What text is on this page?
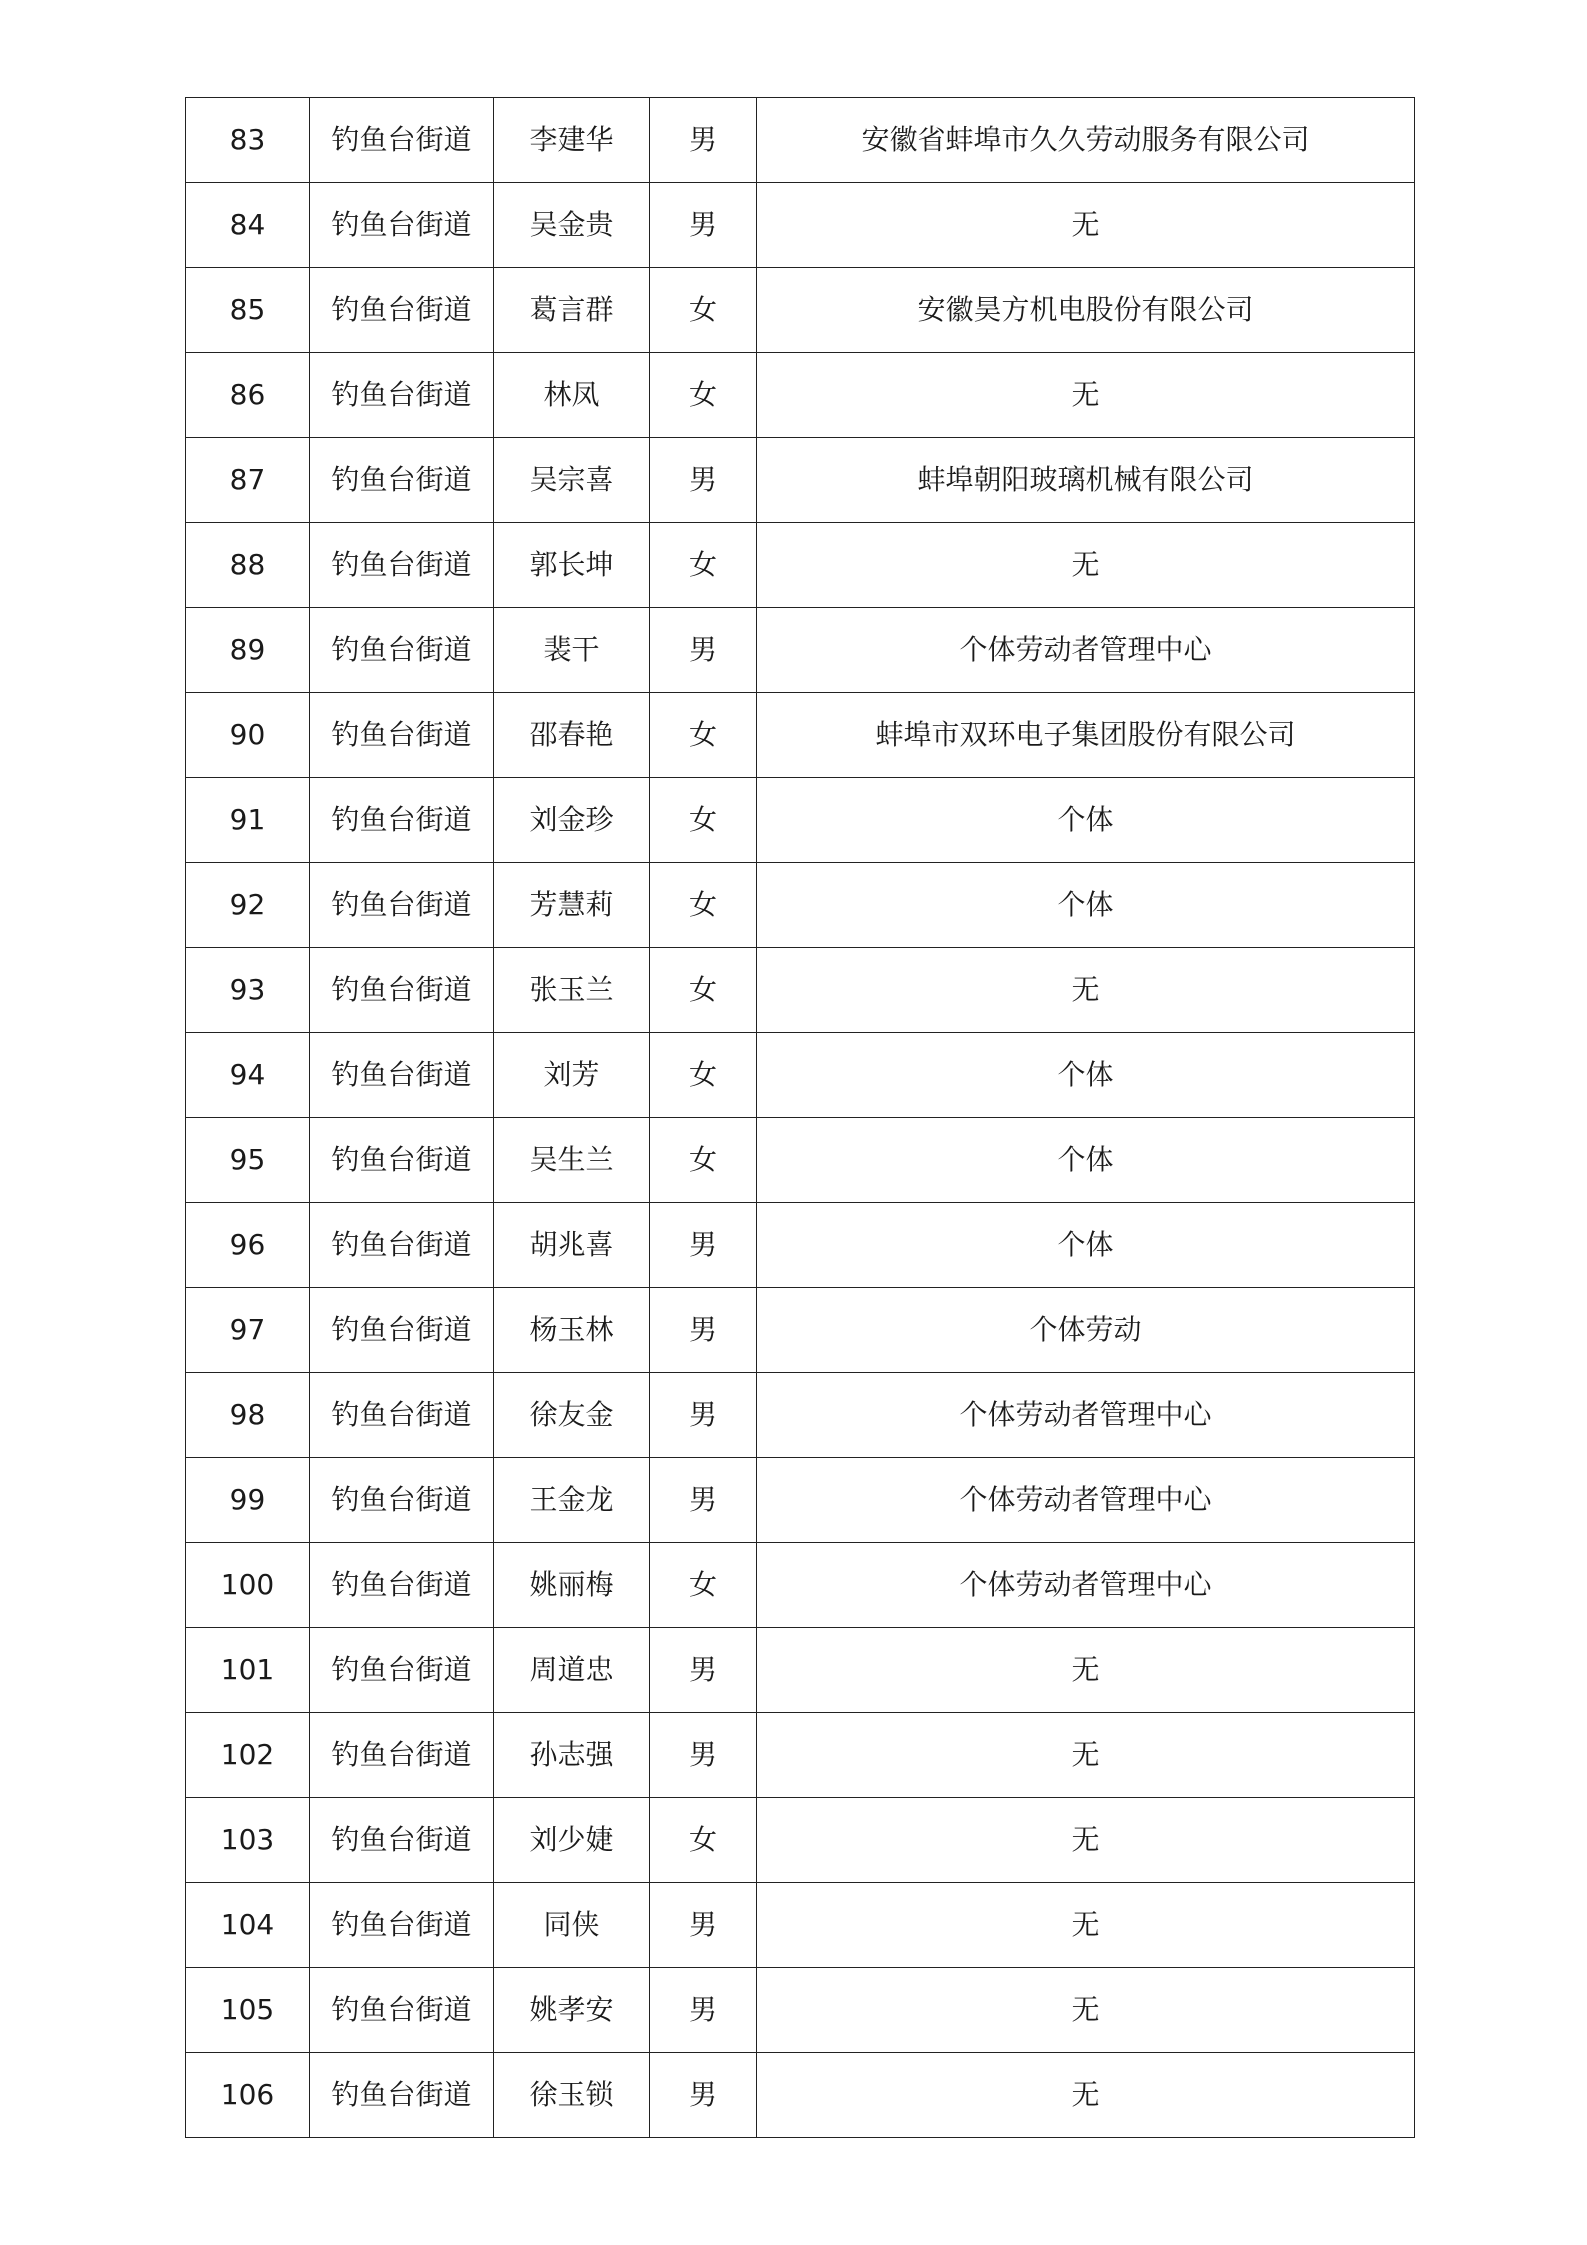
83	钓鱼台街道	李建华	男	安徽省蚌埠市久久劳动服务有限公司
84	钓鱼台街道	吴金贵	男	无
85	钓鱼台街道	葛言群	女	安徽昊方机电股份有限公司
86	钓鱼台街道	林凤	女	无
87	钓鱼台街道	吴宗喜	男	蚌埠朝阳玻璃机械有限公司
88	钓鱼台街道	郭长坤	女	无
89	钓鱼台街道	裴干	男	个体劳动者管理中心
90	钓鱼台街道	邵春艳	女	蚌埠市双环电子集团股份有限公司
91	钓鱼台街道	刘金珍	女	个体
92	钓鱼台街道	芳慧莉	女	个体
93	钓鱼台街道	张玉兰	女	无
94	钓鱼台街道	刘芳	女	个体
95	钓鱼台街道	吴生兰	女	个体
96	钓鱼台街道	胡兆喜	男	个体
97	钓鱼台街道	杨玉林	男	个体劳动
98	钓鱼台街道	徐友金	男	个体劳动者管理中心
99	钓鱼台街道	王金龙	男	个体劳动者管理中心
100	钓鱼台街道	姚丽梅	女	个体劳动者管理中心
101	钓鱼台街道	周道忠	男	无
102	钓鱼台街道	孙志强	男	无
103	钓鱼台街道	刘少婕	女	无
104	钓鱼台街道	同侠	男	无
105	钓鱼台街道	姚孝安	男	无
106	钓鱼台街道	徐玉锁	男	无
